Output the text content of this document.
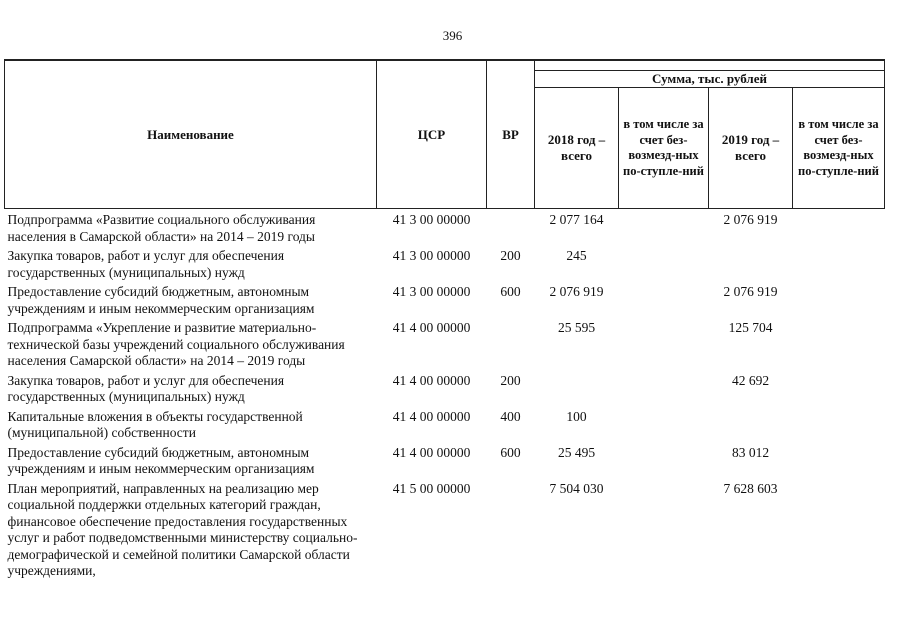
396
Наименование	ЦСР	ВР				
			Сумма, тыс. рублей			
			2018 год – всего	в том числе за счет без-возмезд-ных по-ступле-ний	2019 год – всего	в том числе за счет без-возмезд-ных по-ступле-ний
Подпрограмма «Развитие социального обслуживания населения в Самарской области» на 2014 – 2019 годы	41 3 00 00000		2 077 164		2 076 919	
Закупка товаров, работ и услуг для обеспечения государственных (муниципальных) нужд	41 3 00 00000	200	245			
Предоставление субсидий бюджетным, автономным учреждениям и иным некоммерческим организациям	41 3 00 00000	600	2 076 919		2 076 919	
Подпрограмма «Укрепление и развитие материально-технической базы учреждений социального обслуживания населения Самарской области» на 2014 – 2019 годы	41 4 00 00000		25 595		125 704	
Закупка товаров, работ и услуг для обеспечения государственных (муниципальных) нужд	41 4 00 00000	200			42 692	
Капитальные вложения в объекты государственной (муниципальной) собственности	41 4 00 00000	400	100			
Предоставление субсидий бюджетным, автономным учреждениям и иным некоммерческим организациям	41 4 00 00000	600	25 495		83 012	
План мероприятий, направленных на реализацию мер социальной поддержки отдельных категорий граждан, финансовое обеспечение предоставления государственных услуг и работ подведомственными министерству социально-демографической и семейной политики Самарской области учреждениями,	41 5 00 00000		7 504 030		7 628 603	
